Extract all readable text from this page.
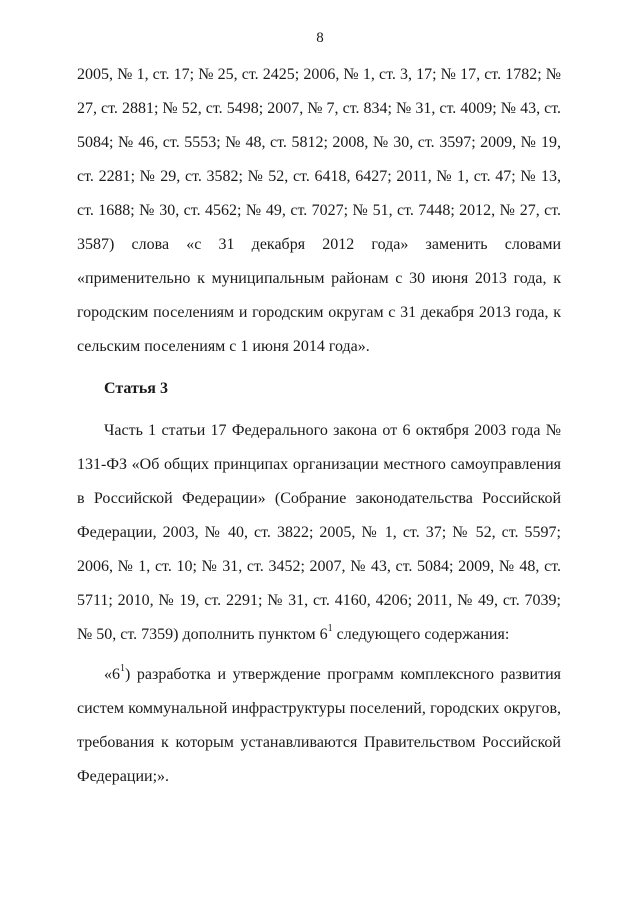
8

2005, № 1, ст. 17; № 25, ст. 2425; 2006, № 1, ст. 3, 17; № 17, ст. 1782; № 27, ст. 2881; № 52, ст. 5498; 2007, № 7, ст. 834; № 31, ст. 4009; № 43, ст. 5084; № 46, ст. 5553; № 48, ст. 5812; 2008, № 30, ст. 3597; 2009, № 19, ст. 2281; № 29, ст. 3582; № 52, ст. 6418, 6427; 2011, № 1, ст. 47; № 13, ст. 1688; № 30, ст. 4562; № 49, ст. 7027; № 51, ст. 7448; 2012, № 27, ст. 3587) слова «с 31 декабря 2012 года» заменить словами «применительно к муниципальным районам с 30 июня 2013 года, к городским поселениям и городским округам с 31 декабря 2013 года, к сельским поселениям с 1 июня 2014 года».

Статья 3

Часть 1 статьи 17 Федерального закона от 6 октября 2003 года № 131-ФЗ «Об общих принципах организации местного самоуправления в Российской Федерации» (Собрание законодательства Российской Федерации, 2003, № 40, ст. 3822; 2005, № 1, ст. 37; № 52, ст. 5597; 2006, № 1, ст. 10; № 31, ст. 3452; 2007, № 43, ст. 5084; 2009, № 48, ст. 5711; 2010, № 19, ст. 2291; № 31, ст. 4160, 4206; 2011, № 49, ст. 7039; № 50, ст. 7359) дополнить пунктом $6^1$ следующего содержания:

«$6^1$) разработка и утверждение программ комплексного развития систем коммунальной инфраструктуры поселений, городских округов, требования к которым устанавливаются Правительством Российской Федерации;».
